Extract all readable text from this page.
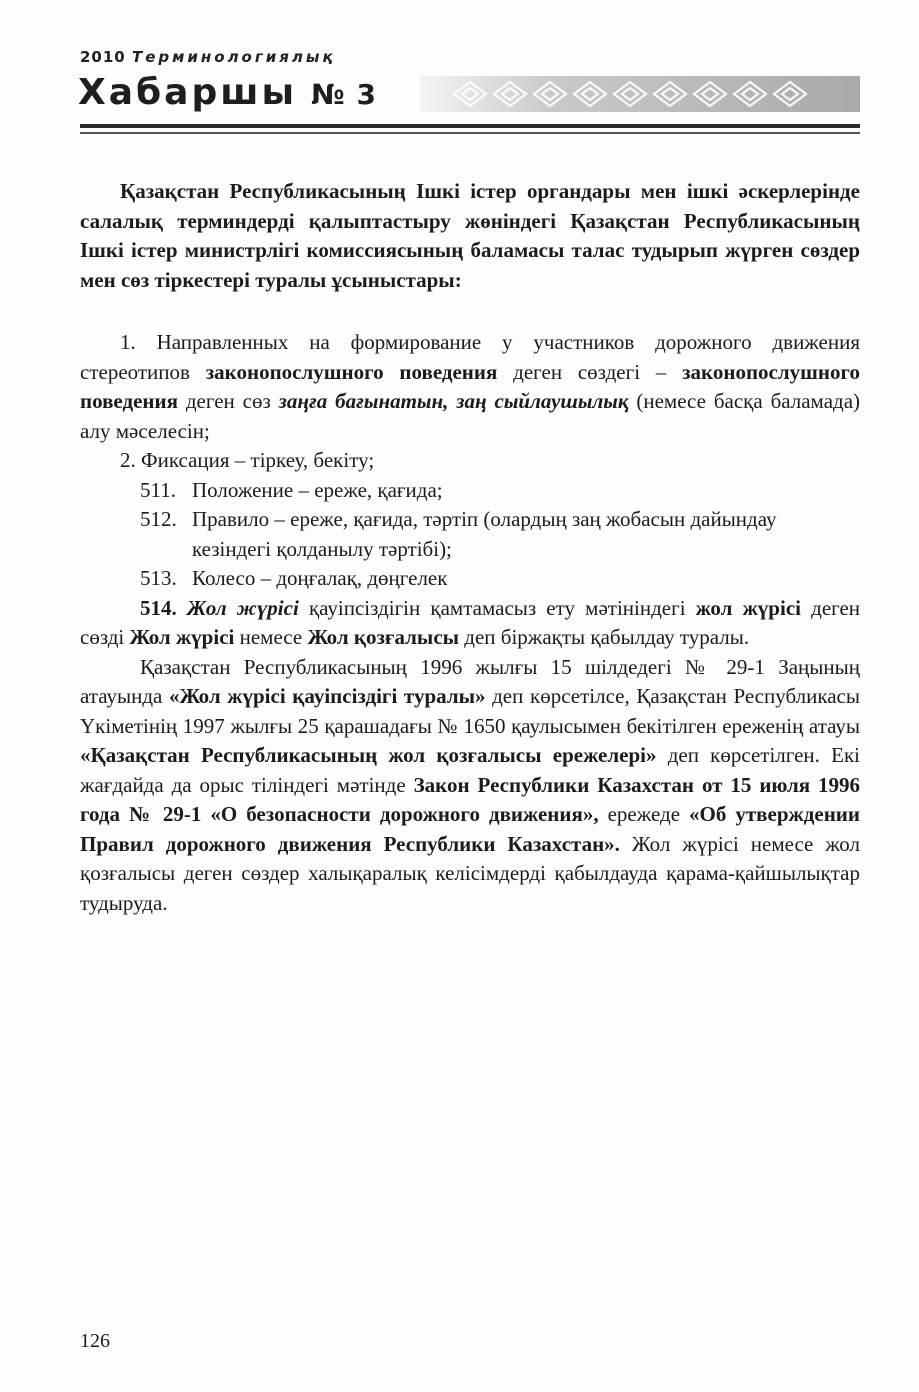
2010 Терминологиялық
Хабаршы № 3

Қазақстан Республикасының Ішкі істер органдары мен ішкі әскерлерінде салалық терминдерді қалыптастыру жөніндегі Қазақстан Республикасының Ішкі істер министрлігі комиссиясының баламасы талас тудырып жүрген сөздер мен сөз тіркестері туралы ұсыныстары:

1. Направленных на формирование у участников дорожного движения стереотипов законопослушного поведения деген сөздегі – законопослушного поведения деген сөз заңға бағынатын, заң сыйлаушылық (немесе басқа баламада) алу мәселесін;

2. Фиксация – тіркеу, бекіту;

511. Положение – ереже, қағида;
512. Правило – ереже, қағида, тәртіп (олардың заң жобасын дайындау кезіндегі қолданылу тәртібі);
513. Колесо – доңғалақ, дөңгелек

514. Жол жүрісі қауіпсіздігін қамтамасыз ету мәтініндегі жол жүрісі деген сөзді Жол жүрісі немесе Жол қозғалысы деп біржақты қабылдау туралы.

Қазақстан Республикасының 1996 жылғы 15 шілдедегі № 29-1 Заңының атауында «Жол жүрісі қауіпсіздігі туралы» деп көрсетілсе, Қазақстан Республикасы Үкіметінің 1997 жылғы 25 қарашадағы № 1650 қаулысымен бекітілген ереженің атауы «Қазақстан Республикасының жол қозғалысы ережелері» деп көрсетілген. Екі жағдайда да орыс тіліндегі мәтінде Закон Республики Казахстан от 15 июля 1996 года № 29-1 «О безопасности дорожного движения», ережеде «Об утверждении Правил дорожного движения Республики Казахстан». Жол жүрісі немесе жол қозғалысы деген сөздер халықаралық келісімдерді қабылдауда қарама-қайшылықтар тудыруда.

126
